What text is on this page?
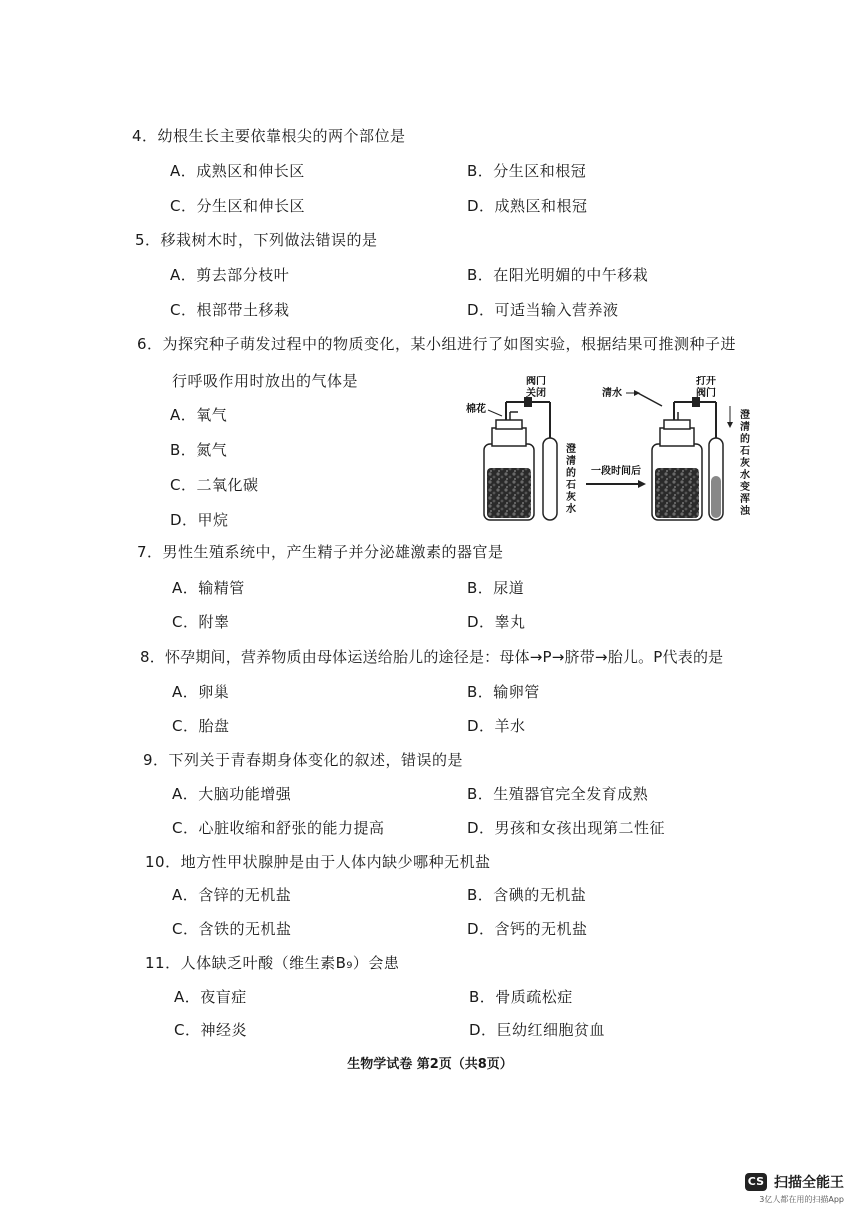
4．幼根生长主要依靠根尖的两个部位是
A．成熟区和伸长区	B．分生区和根冠
C．分生区和伸长区	D．成熟区和根冠
5．移栽树木时，下列做法错误的是
A．剪去部分枝叶	B．在阳光明媚的中午移栽
C．根部带土移栽	D．可适当输入营养液
6．为探究种子萌发过程中的物质变化，某小组进行了如图实验，根据结果可推测种子进
行呼吸作用时放出的气体是
A．氧气
B．氮气
C．二氧化碳
D．甲烷
棉花
阀门
关闭
澄
清
的
石
灰
水
一段时间后
清水
打开
阀门
澄
清
的
石
灰
水
变
浑
浊
7．男性生殖系统中，产生精子并分泌雄激素的器官是
A．输精管	B．尿道
C．附睾	D．睾丸
8．怀孕期间，营养物质由母体运送给胎儿的途径是：母体→P→脐带→胎儿。P代表的是
A．卵巢	B．输卵管
C．胎盘	D．羊水
9．下列关于青春期身体变化的叙述，错误的是
A．大脑功能增强	B．生殖器官完全发育成熟
C．心脏收缩和舒张的能力提高	D．男孩和女孩出现第二性征
10．地方性甲状腺肿是由于人体内缺少哪种无机盐
A．含锌的无机盐	B．含碘的无机盐
C．含铁的无机盐	D．含钙的无机盐
11．人体缺乏叶酸（维生素B₉）会患
A．夜盲症	B．骨质疏松症
C．神经炎	D．巨幼红细胞贫血
生物学试卷 第2页（共8页）
CS 扫描全能王
3亿人都在用的扫描App
